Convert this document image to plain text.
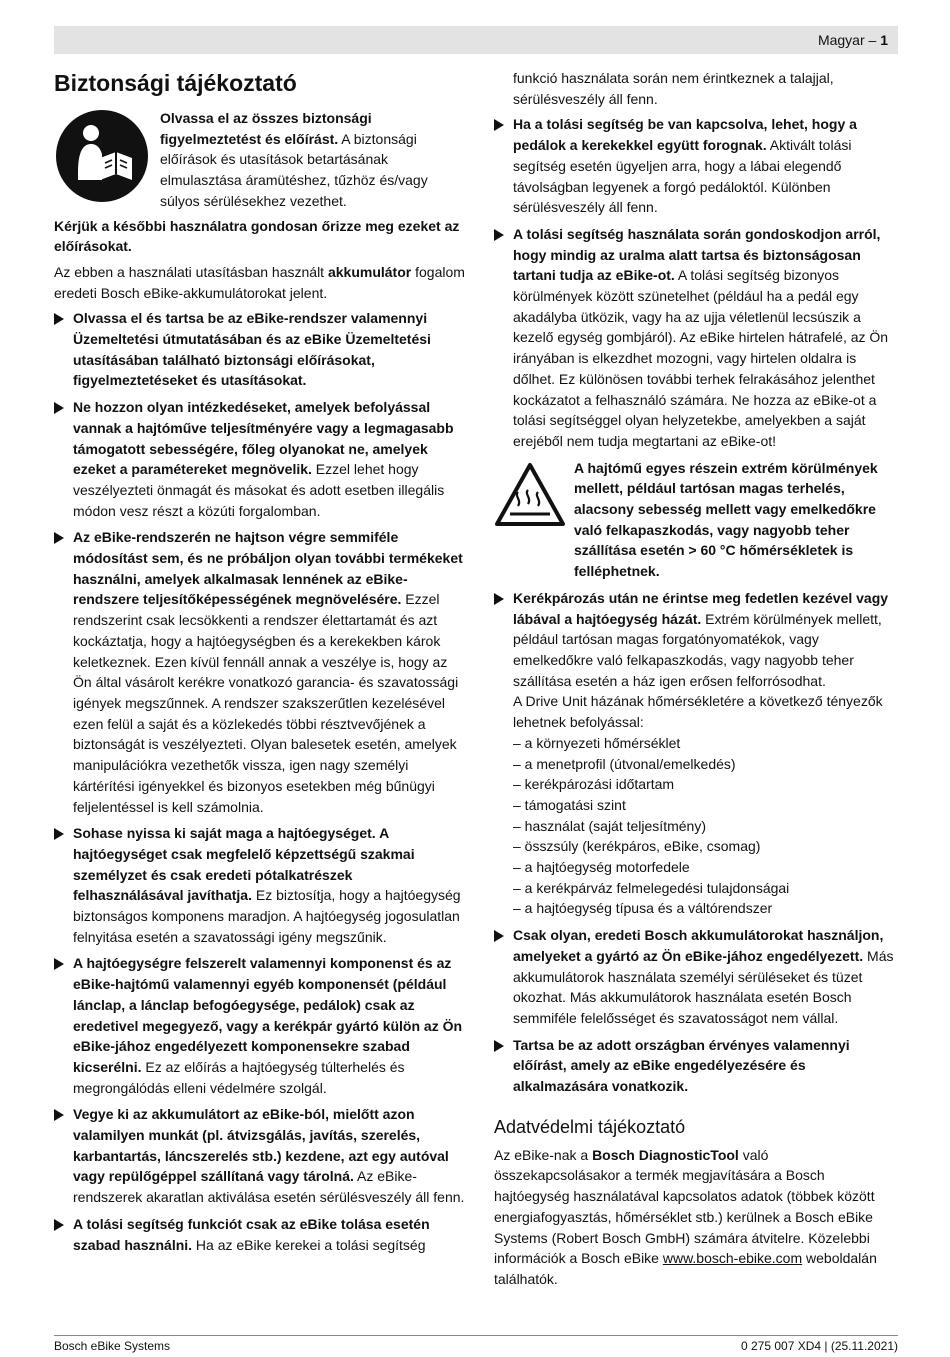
Magyar – 1
Biztonsági tájékoztató
Olvassa el az összes biztonsági figyelmeztetést és előírást. A biztonsági előírások és utasítások betartásának elmulasztása áramütéshez, tűzhöz és/vagy súlyos sérülésekhez vezethet.

Kérjük a későbbi használatra gondosan őrizze meg ezeket az előírásokat.

Az ebben a használati utasításban használt akkumulátor fogalom eredeti Bosch eBike-akkumulátorokat jelent.

Olvassa el és tartsa be az eBike-rendszer valamennyi Üzemeltetési útmutatásában és az eBike Üzemeltetési utasításában található biztonsági előírásokat, figyelmeztetéseket és utasításokat.
Ne hozzon olyan intézkedéseket, amelyek befolyással vannak a hajtóműve teljesítményére vagy a legmagasabb támogatott sebességére, főleg olyanokat ne, amelyek ezeket a paramétereket megnövelik. Ezzel lehet hogy veszélyezteti önmagát és másokat és adott esetben illegális módon vesz részt a közúti forgalomban.
Az eBike-rendszerén ne hajtson végre semmiféle módosítást sem, és ne próbáljon olyan további termékeket használni, amelyek alkalmasak lennének az eBike-rendszere teljesítőképességének megnövelésére. Ezzel rendszerint csak lecsökkenti a rendszer élettartamát és azt kockáztatja, hogy a hajtóegységben és a kerekekben károk keletkeznek. Ezen kívül fennáll annak a veszélye is, hogy az Ön által vásárolt kerékre vonatkozó garancia- és szavatossági igények megszűnnek. A rendszer szakszerűtlen kezelésével ezen felül a saját és a közlekedés többi résztvevőjének a biztonságát is veszélyezteti. Olyan balesetek esetén, amelyek manipulációkra vezethetők vissza, igen nagy személyi kártérítési igényekkel és bizonyos esetekben még bűnügyi feljelentéssel is kell számolnia.
Sohase nyissa ki saját maga a hajtóegységet. A hajtóegységet csak megfelelő képzettségű szakmai személyzet és csak eredeti pótalkatrészek felhasználásával javíthatja. Ez biztosítja, hogy a hajtóegység biztonságos komponens maradjon. A hajtóegység jogosulatlan felnyitása esetén a szavatossági igény megszűnik.
A hajtóegységre felszerelt valamennyi komponenst és az eBike-hajtómű valamennyi egyéb komponensét (például lánclap, a lánclap befogóegysége, pedálok) csak az eredetivel megegyező, vagy a kerékpár gyártó külön az Ön eBike-jához engedélyezett komponensekre szabad kicserélni. Ez az előírás a hajtóegység túlterhelés és megrongálódás elleni védelmére szolgál.
Vegye ki az akkumulátort az eBike-ból, mielőtt azon valamilyen munkát (pl. átvizsgálás, javítás, szerelés, karbantartás, láncszerelés stb.) kezdene, azt egy autóval vagy repülőgéppel szállítaná vagy tárolná. Az eBike-rendszerek akaratlan aktiválása esetén sérülésveszély áll fenn.
A tolási segítség funkciót csak az eBike tolása esetén szabad használni. Ha az eBike kerekei a tolási segítség

funkció használata során nem érintkeznek a talajjal, sérülésveszély áll fenn.

Ha a tolási segítség be van kapcsolva, lehet, hogy a pedálok a kerekekkel együtt forognak. Aktivált tolási segítség esetén ügyeljen arra, hogy a lábai elegendő távolságban legyenek a forgó pedáloktól. Különben sérülésveszély áll fenn.
A tolási segítség használata során gondoskodjon arról, hogy mindig az uralma alatt tartsa és biztonságosan tartani tudja az eBike-ot. A tolási segítség bizonyos körülmények között szünetelhet (például ha a pedál egy akadályba ütközik, vagy ha az ujja véletlenül lecsúszik a kezelő egység gombjáról). Az eBike hirtelen hátrafelé, az Ön irányában is elkezdhet mozogni, vagy hirtelen oldalra is dőlhet. Ez különösen további terhek felrakásához jelenthet kockázatot a felhasználó számára. Ne hozza az eBike-ot a tolási segítséggel olyan helyzetekbe, amelyekben a saját erejéből nem tudja megtartani az eBike-ot!
A hajtómű egyes részein extrém körülmények mellett, például tartósan magas terhelés, alacsony sebesség mellett vagy emelkedőkre való felkapaszkodás, vagy nagyobb teher szállítása esetén > 60 °C hőmérsékletek is felléphetnek.
Kerékpározás után ne érintse meg fedetlen kezével vagy lábával a hajtóegység házát. Extrém körülmények mellett, például tartósan magas forgatónyomatékok, vagy emelkedőkre való felkapaszkodás, vagy nagyobb teher szállítása esetén a ház igen erősen felforrósodhat.
A Drive Unit házának hőmérsékletére a következő tényezők lehetnek befolyással:
– a környezeti hőmérséklet
– a menetprofil (útvonal/emelkedés)
– kerékpározási időtartam
– támogatási szint
– használat (saját teljesítmény)
– összsúly (kerékpáros, eBike, csomag)
– a hajtóegység motorfedele
– a kerékpárváz felmelegedési tulajdonságai
– a hajtóegység típusa és a váltórendszer
Csak olyan, eredeti Bosch akkumulátorokat használjon, amelyeket a gyártó az Ön eBike-jához engedélyezett. Más akkumulátorok használata személyi sérüléseket és tüzet okozhat. Más akkumulátorok használata esetén Bosch semmiféle felelősséget és szavatosságot nem vállal.
Tartsa be az adott országban érvényes valamennyi előírást, amely az eBike engedélyezésére és alkalmazására vonatkozik.
Adatvédelmi tájékoztató

Az eBike-nak a Bosch DiagnosticTool való összekapcsolásakor a termék megjavítására a Bosch hajtóegység használatával kapcsolatos adatok (többek között energiafogyasztás, hőmérséklet stb.) kerülnek a Bosch eBike Systems (Robert Bosch GmbH) számára átvitelre. Közelebbi információk a Bosch eBike www.bosch-ebike.com weboldalán találhatók.

Bosch eBike Systems	0 275 007 XD4 | (25.11.2021)
